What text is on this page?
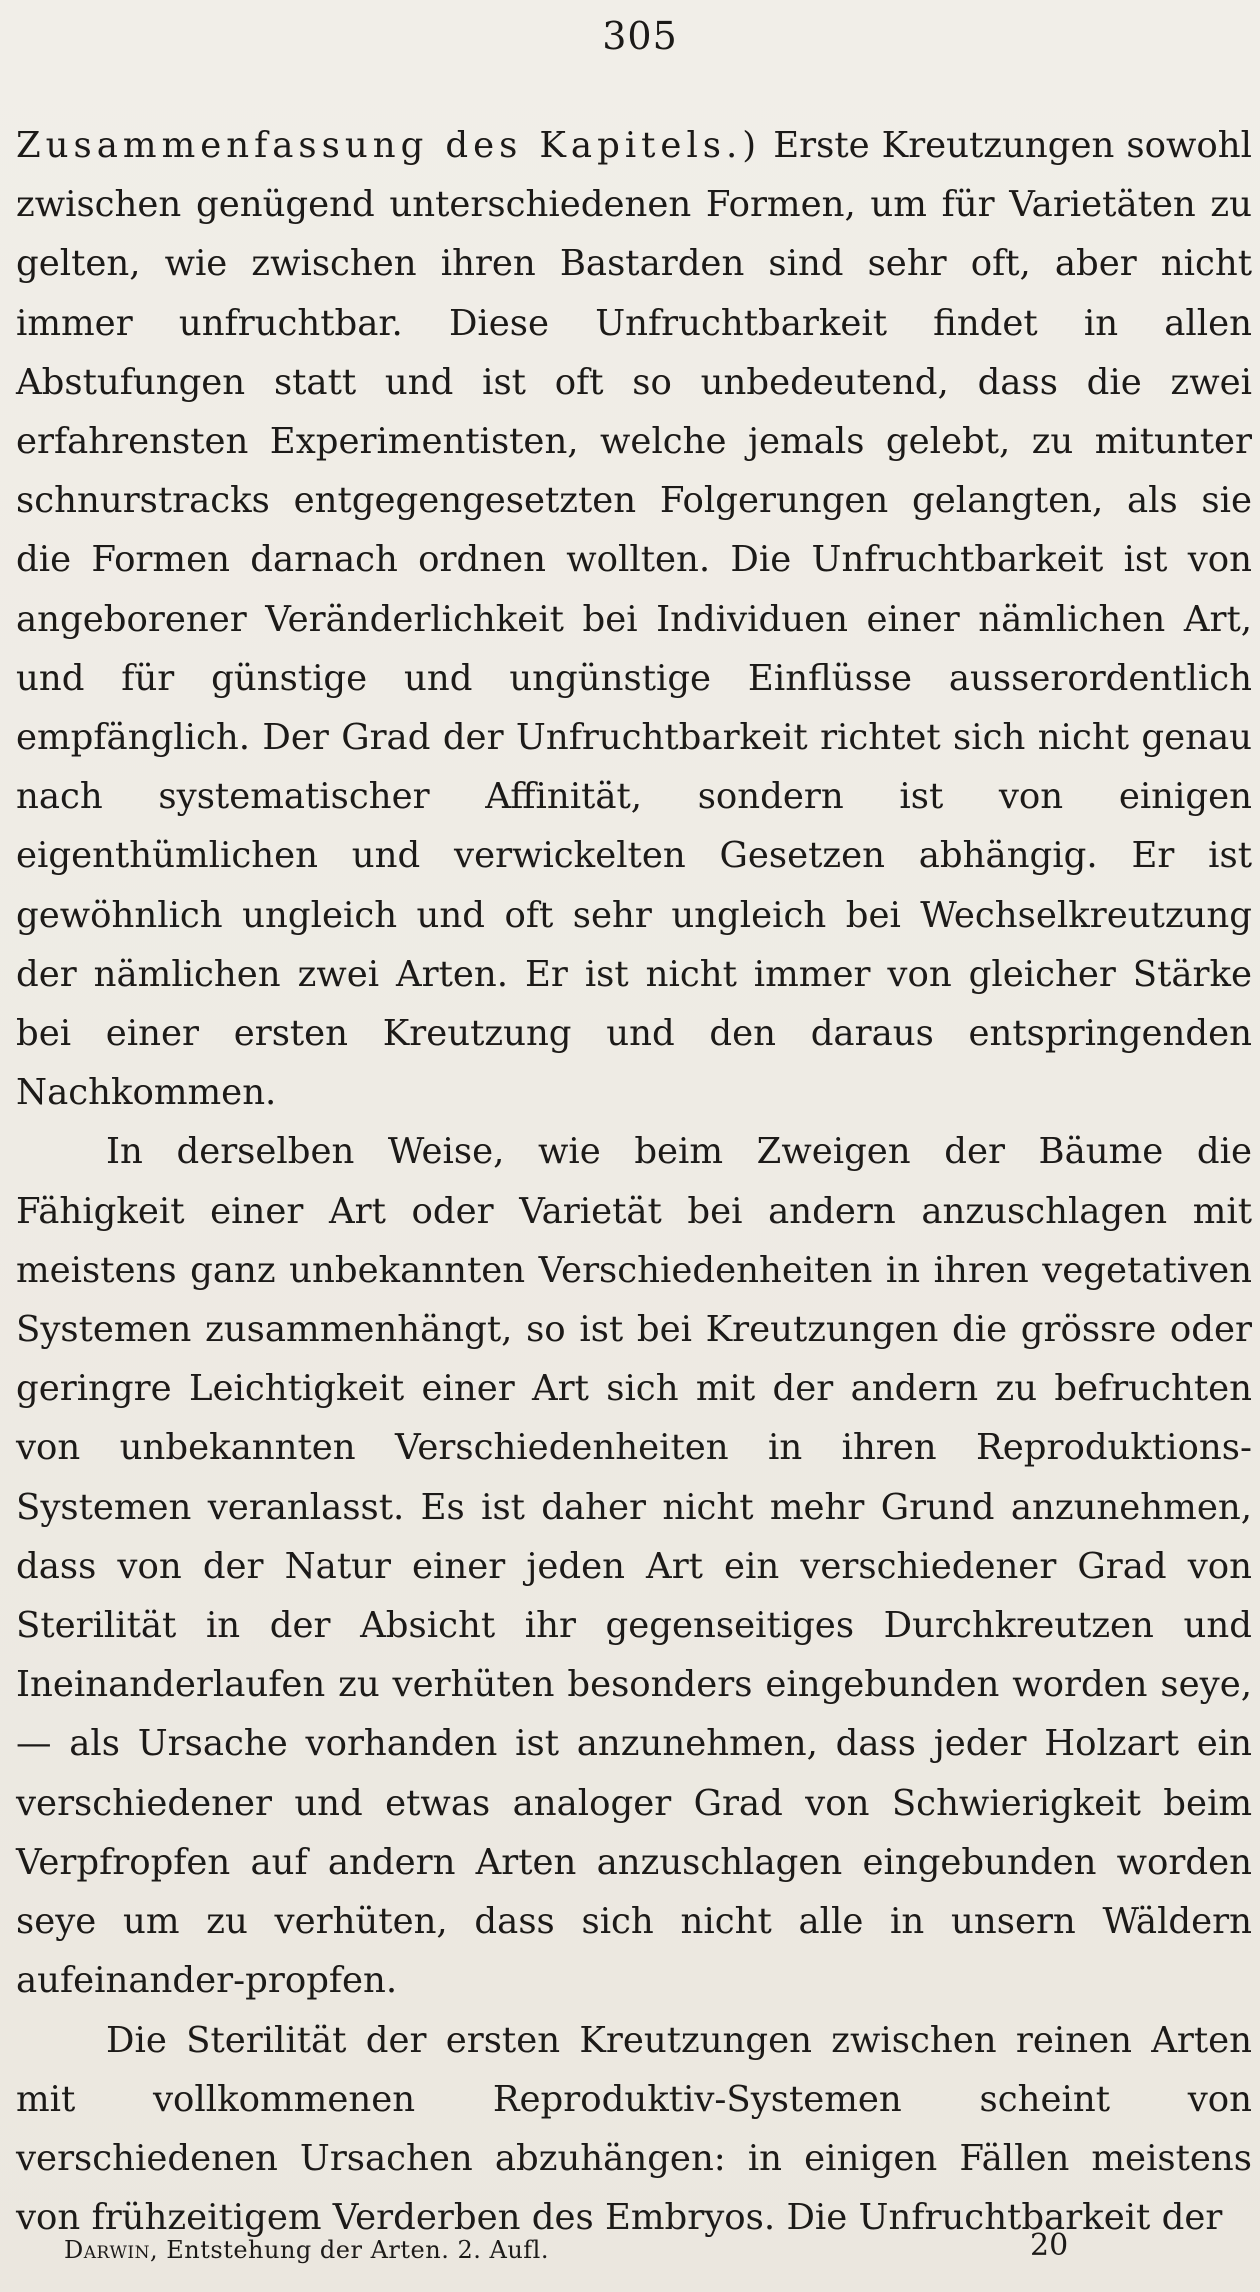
305

Zusammenfassung des Kapitels.) Erste Kreutzungen sowohl zwischen genügend unterschiedenen Formen, um für Varietäten zu gelten, wie zwischen ihren Bastarden sind sehr oft, aber nicht immer unfruchtbar. Diese Unfruchtbarkeit findet in allen Abstufungen statt und ist oft so unbedeutend, dass die zwei erfahrensten Experimentisten, welche jemals gelebt, zu mitunter schnurstracks entgegengesetzten Folgerungen gelangten, als sie die Formen darnach ordnen wollten. Die Unfruchtbarkeit ist von angeborener Veränderlichkeit bei Individuen einer nämlichen Art, und für günstige und ungünstige Einflüsse ausserordentlich empfänglich. Der Grad der Unfruchtbarkeit richtet sich nicht genau nach systematischer Affinität, sondern ist von einigen eigenthümlichen und verwickelten Gesetzen abhängig. Er ist gewöhnlich ungleich und oft sehr ungleich bei Wechselkreutzung der nämlichen zwei Arten. Er ist nicht immer von gleicher Stärke bei einer ersten Kreutzung und den daraus entspringenden Nachkommen.

In derselben Weise, wie beim Zweigen der Bäume die Fähigkeit einer Art oder Varietät bei andern anzuschlagen mit meistens ganz unbekannten Verschiedenheiten in ihren vegetativen Systemen zusammenhängt, so ist bei Kreutzungen die grössre oder geringre Leichtigkeit einer Art sich mit der andern zu befruchten von unbekannten Verschiedenheiten in ihren Reproduktions-Systemen veranlasst. Es ist daher nicht mehr Grund anzunehmen, dass von der Natur einer jeden Art ein verschiedener Grad von Sterilität in der Absicht ihr gegenseitiges Durchkreutzen und Ineinanderlaufen zu verhüten besonders eingebunden worden seye, — als Ursache vorhanden ist anzunehmen, dass jeder Holzart ein verschiedener und etwas analoger Grad von Schwierigkeit beim Verpfropfen auf andern Arten anzuschlagen eingebunden worden seye um zu verhüten, dass sich nicht alle in unsern Wäldern aufeinander-propfen.

Die Sterilität der ersten Kreutzungen zwischen reinen Arten mit vollkommenen Reproduktiv-Systemen scheint von verschiedenen Ursachen abzuhängen: in einigen Fällen meistens von frühzeitigem Verderben des Embryos. Die Unfruchtbarkeit der

Darwin, Entstehung der Arten. 2. Aufl.	20
